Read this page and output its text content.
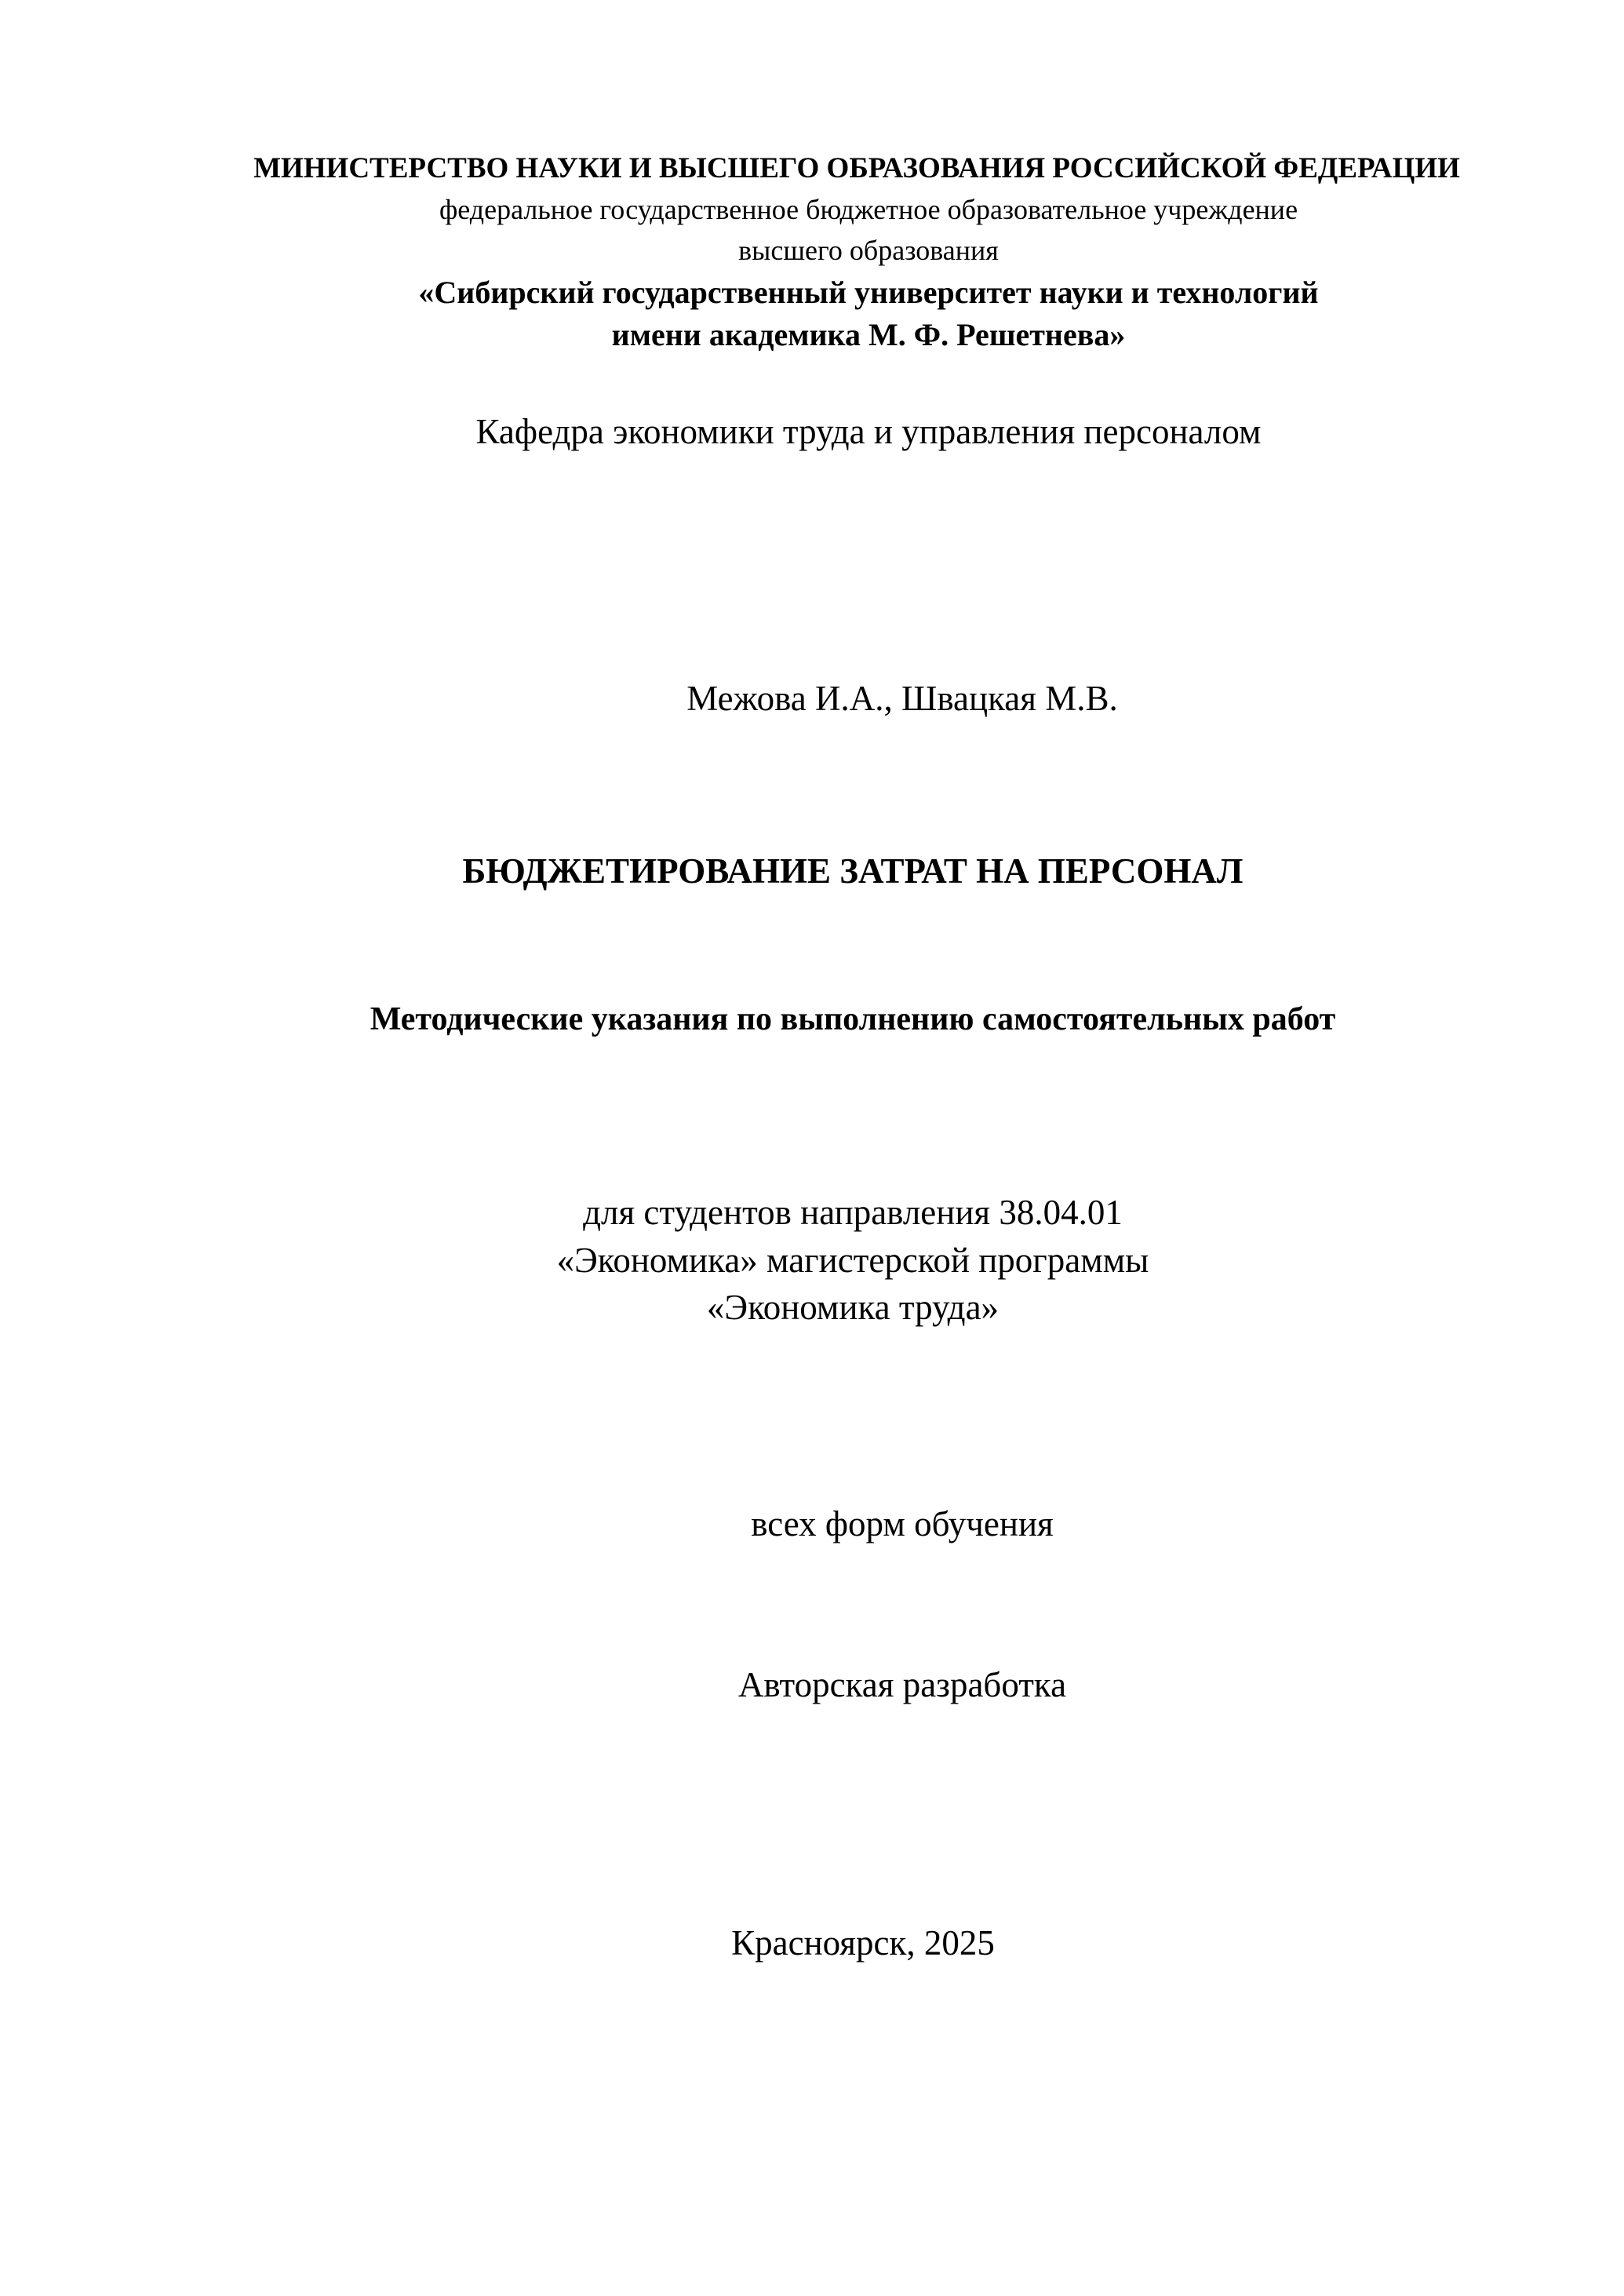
МИНИСТЕРСТВО НАУКИ И ВЫСШЕГО ОБРАЗОВАНИЯ РОССИЙСКОЙ ФЕДЕРАЦИИ
федеральное государственное бюджетное образовательное учреждение
высшего образования
«Сибирский государственный университет науки и технологий
имени академика М. Ф. Решетнева»
Кафедра экономики труда и управления персоналом
Межова И.А., Швацкая М.В.
БЮДЖЕТИРОВАНИЕ ЗАТРАТ НА ПЕРСОНАЛ
Методические указания по выполнению самостоятельных работ
для студентов направления 38.04.01
«Экономика» магистерской программы
«Экономика труда»
всех форм обучения
Авторская разработка
Красноярск, 2025
